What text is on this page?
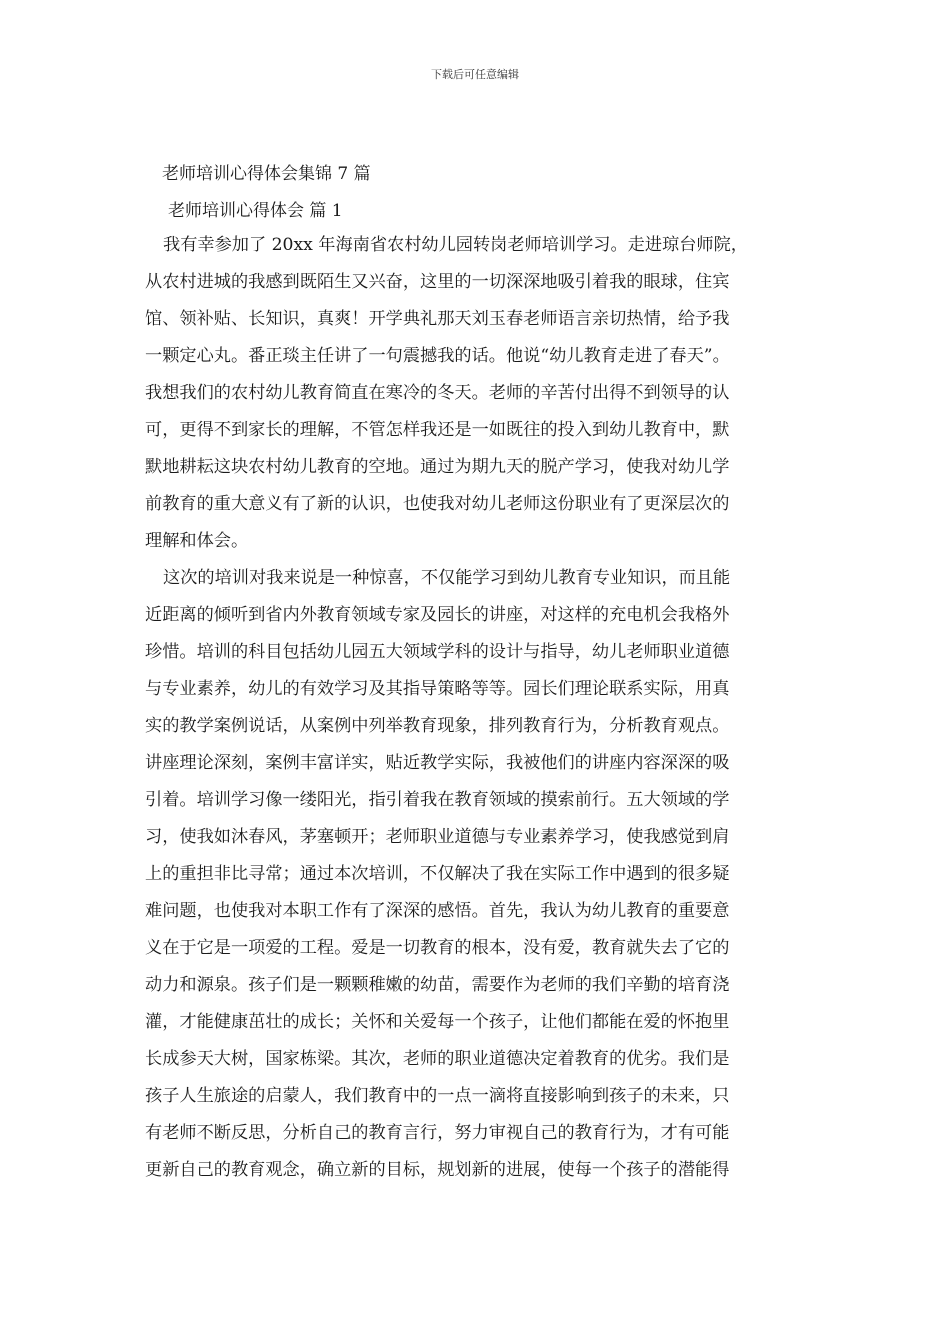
下载后可任意编辑
老师培训心得体会集锦 7 篇
老师培训心得体会 篇 1
我有幸参加了 20xx 年海南省农村幼儿园转岗老师培训学习。走进琼台师院，
从农村进城的我感到既陌生又兴奋，这里的一切深深地吸引着我的眼球，住宾
馆、领补贴、长知识，真爽！开学典礼那天刘玉春老师语言亲切热情，给予我
一颗定心丸。番正琰主任讲了一句震撼我的话。他说“幼儿教育走进了春天”。
我想我们的农村幼儿教育简直在寒冷的冬天。老师的辛苦付出得不到领导的认
可，更得不到家长的理解，不管怎样我还是一如既往的投入到幼儿教育中，默
默地耕耘这块农村幼儿教育的空地。通过为期九天的脱产学习，使我对幼儿学
前教育的重大意义有了新的认识，也使我对幼儿老师这份职业有了更深层次的
理解和体会。
这次的培训对我来说是一种惊喜，不仅能学习到幼儿教育专业知识，而且能
近距离的倾听到省内外教育领域专家及园长的讲座，对这样的充电机会我格外
珍惜。培训的科目包括幼儿园五大领域学科的设计与指导，幼儿老师职业道德
与专业素养，幼儿的有效学习及其指导策略等等。园长们理论联系实际，用真
实的教学案例说话，从案例中列举教育现象，排列教育行为，分析教育观点。
讲座理论深刻，案例丰富详实，贴近教学实际，我被他们的讲座内容深深的吸
引着。培训学习像一缕阳光，指引着我在教育领域的摸索前行。五大领域的学
习，使我如沐春风，茅塞顿开；老师职业道德与专业素养学习，使我感觉到肩
上的重担非比寻常；通过本次培训，不仅解决了我在实际工作中遇到的很多疑
难问题，也使我对本职工作有了深深的感悟。首先，我认为幼儿教育的重要意
义在于它是一项爱的工程。爱是一切教育的根本，没有爱，教育就失去了它的
动力和源泉。孩子们是一颗颗稚嫩的幼苗，需要作为老师的我们辛勤的培育浇
灌，才能健康茁壮的成长；关怀和关爱每一个孩子，让他们都能在爱的怀抱里
长成参天大树，国家栋梁。其次，老师的职业道德决定着教育的优劣。我们是
孩子人生旅途的启蒙人，我们教育中的一点一滴将直接影响到孩子的未来，只
有老师不断反思，分析自己的教育言行，努力审视自己的教育行为，才有可能
更新自己的教育观念，确立新的目标，规划新的进展，使每一个孩子的潜能得
